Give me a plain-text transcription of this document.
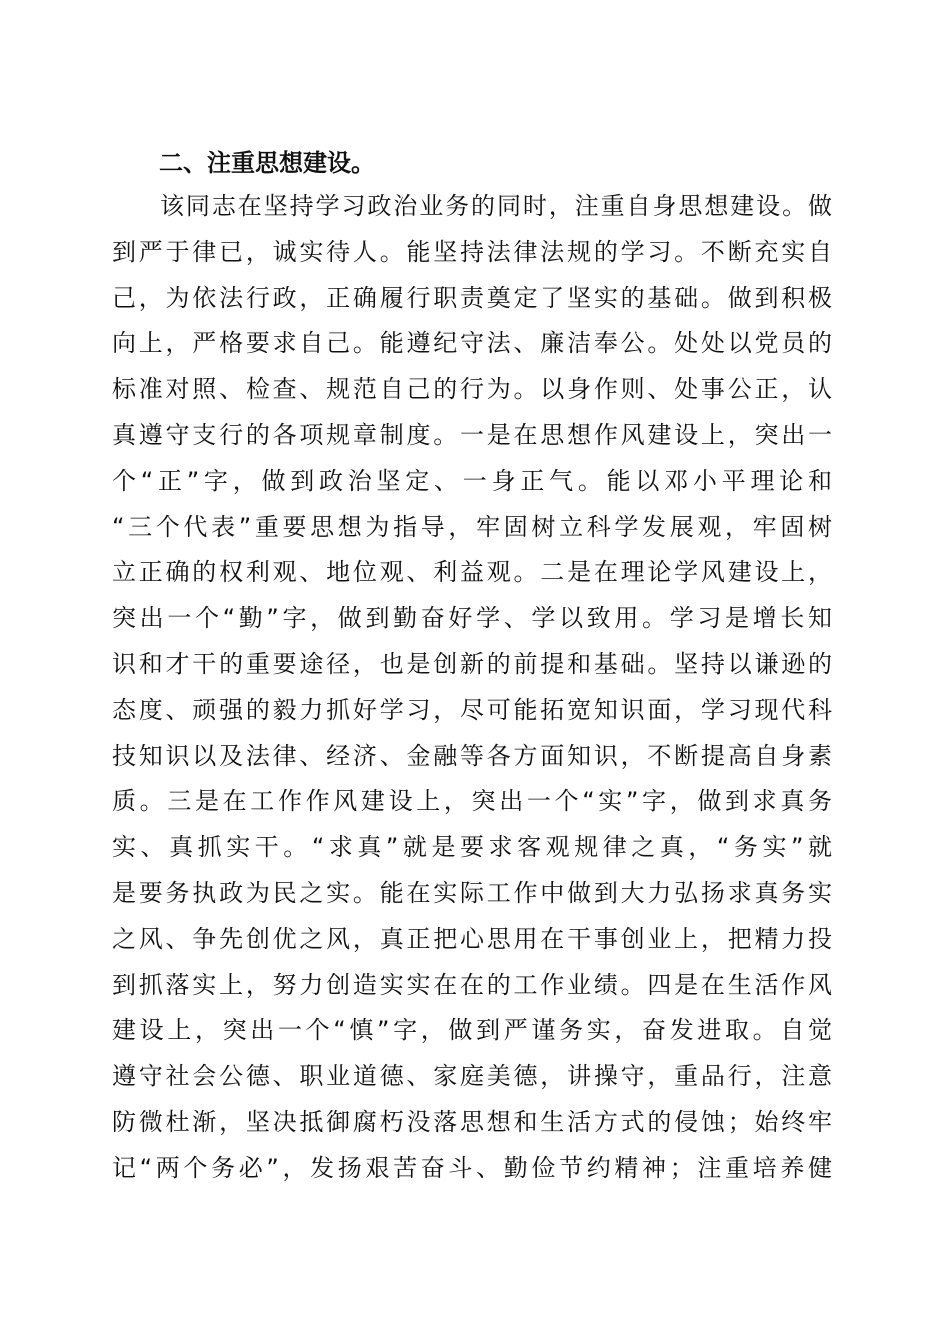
二、注重思想建设。
该同志在坚持学习政治业务的同时，注重自身思想建设。做
到严于律已，诚实待人。能坚持法律法规的学习。不断充实自
己，为依法行政，正确履行职责奠定了坚实的基础。做到积极
向上，严格要求自己。能遵纪守法、廉洁奉公。处处以党员的
标准对照、检查、规范自己的行为。以身作则、处事公正，认
真遵守支行的各项规章制度。一是在思想作风建设上，突出一
个“正”字，做到政治坚定、一身正气。能以邓小平理论和
“三个代表”重要思想为指导，牢固树立科学发展观，牢固树
立正确的权利观、地位观、利益观。二是在理论学风建设上，
突出一个“勤”字，做到勤奋好学、学以致用。学习是增长知
识和才干的重要途径，也是创新的前提和基础。坚持以谦逊的
态度、顽强的毅力抓好学习，尽可能拓宽知识面，学习现代科
技知识以及法律、经济、金融等各方面知识，不断提高自身素
质。三是在工作作风建设上，突出一个“实”字，做到求真务
实、真抓实干。“求真”就是要求客观规律之真，“务实”就
是要务执政为民之实。能在实际工作中做到大力弘扬求真务实
之风、争先创优之风，真正把心思用在干事创业上，把精力投
到抓落实上，努力创造实实在在的工作业绩。四是在生活作风
建设上，突出一个“慎”字，做到严谨务实，奋发进取。自觉
遵守社会公德、职业道德、家庭美德，讲操守，重品行，注意
防微杜渐，坚决抵御腐朽没落思想和生活方式的侵蚀；始终牢
记“两个务必”，发扬艰苦奋斗、勤俭节约精神；注重培养健
